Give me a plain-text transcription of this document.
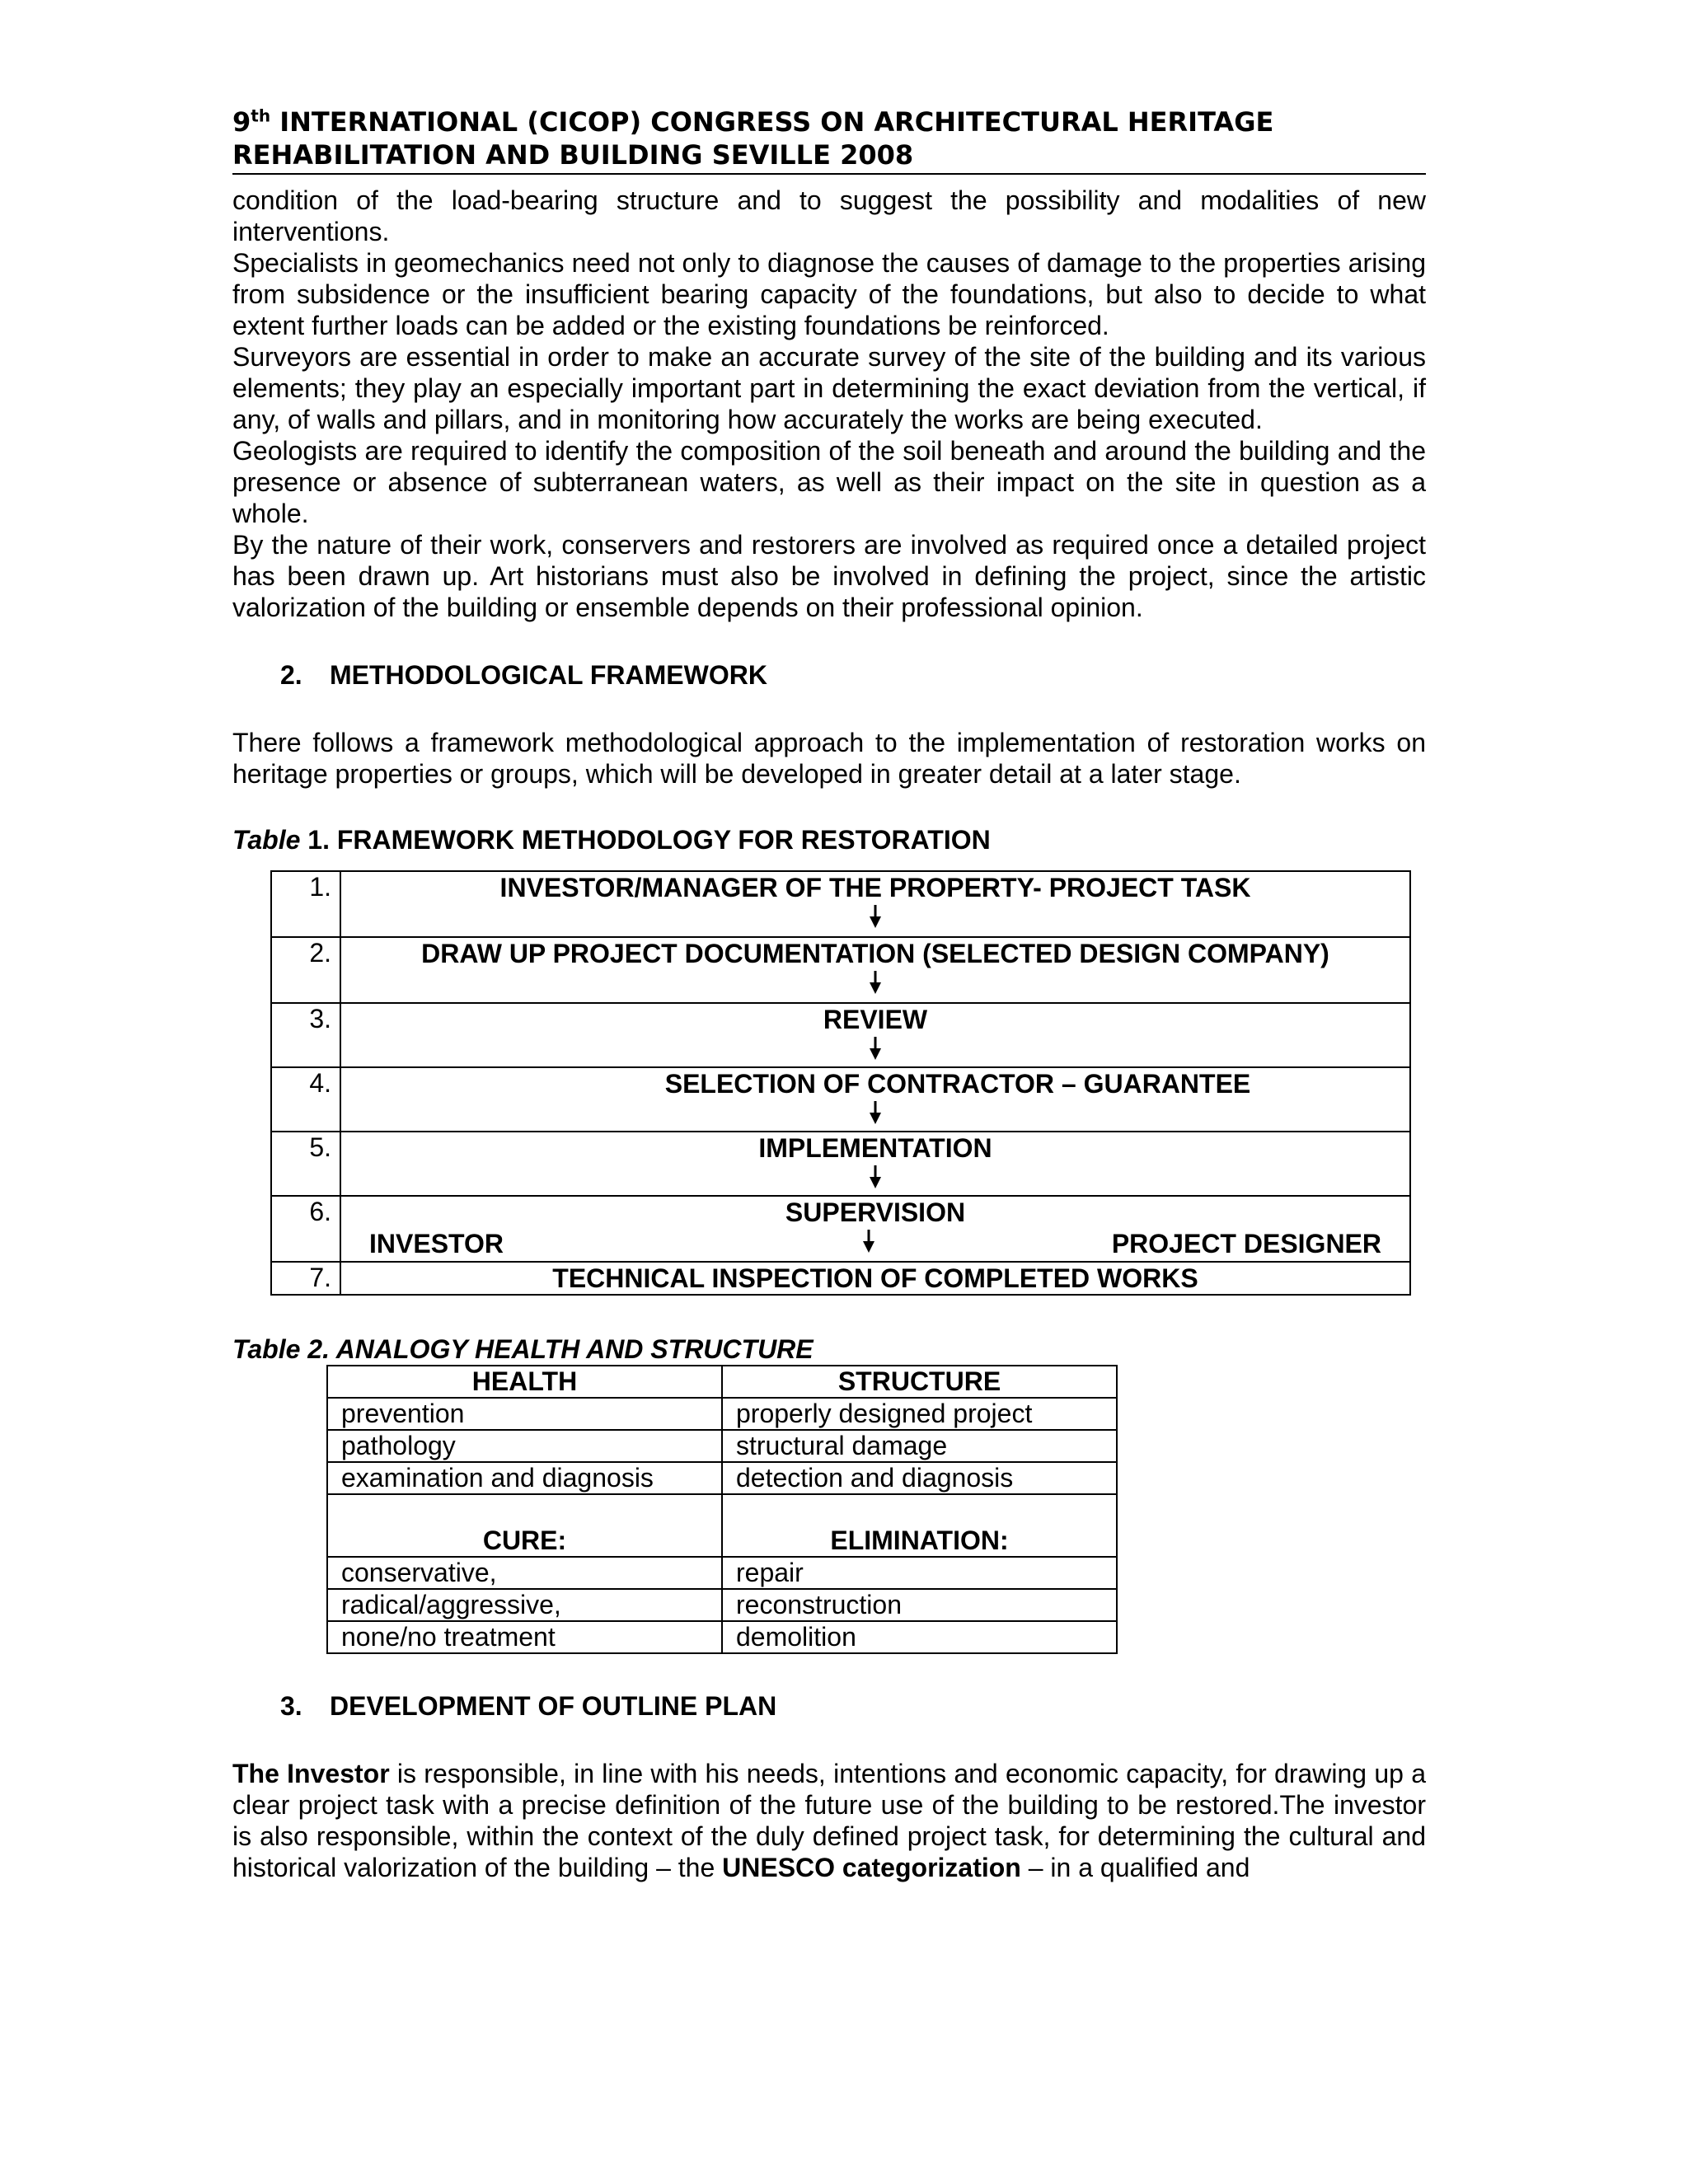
9th INTERNATIONAL (CICOP) CONGRESS ON ARCHITECTURAL HERITAGE
REHABILITATION AND BUILDING SEVILLE 2008

condition of the load-bearing structure and to suggest the possibility and modalities of new interventions.

Specialists in geomechanics need not only to diagnose the causes of damage to the properties arising from subsidence or the insufficient bearing capacity of the foundations, but also to decide to what extent further loads can be added or the existing foundations be reinforced.

Surveyors are essential in order to make an accurate survey of the site of the building and its various elements; they play an especially important part in determining the exact deviation from the vertical, if any, of walls and pillars, and in monitoring how accurately the works are being executed.

Geologists are required to identify the composition of the soil beneath and around the building and the presence or absence of subterranean waters, as well as their impact on the site in question as a whole.

By the nature of their work, conservers and restorers are involved as required once a detailed project has been drawn up. Art historians must also be involved in defining the project, since the artistic valorization of the building or ensemble depends on their professional opinion.

2. METHODOLOGICAL FRAMEWORK

There follows a framework methodological approach to the implementation of restoration works on heritage properties or groups, which will be developed in greater detail at a later stage.

Table 1. FRAMEWORK METHODOLOGY FOR RESTORATION
1.	INVESTOR/MANAGER OF THE PROPERTY- PROJECT TASK

2.	DRAW UP PROJECT DOCUMENTATION (SELECTED DESIGN COMPANY)

3.	REVIEW

4.	SELECTION OF CONTRACTOR – GUARANTEE

5.	IMPLEMENTATION

6.	SUPERVISION
INVESTOR PROJECT DESIGNER

7.	TECHNICAL INSPECTION OF COMPLETED WORKS
Table 2. ANALOGY HEALTH AND STRUCTURE
HEALTH	STRUCTURE
prevention	properly designed project
pathology	structural damage
examination and diagnosis	detection and diagnosis
CURE:	ELIMINATION:
conservative,	repair
radical/aggressive,	reconstruction
none/no treatment	demolition
3. DEVELOPMENT OF OUTLINE PLAN

The Investor is responsible, in line with his needs, intentions and economic capacity, for drawing up a clear project task with a precise definition of the future use of the building to be restored.The investor is also responsible, within the context of the duly defined project task, for determining the cultural and historical valorization of the building – the UNESCO categorization – in a qualified and
